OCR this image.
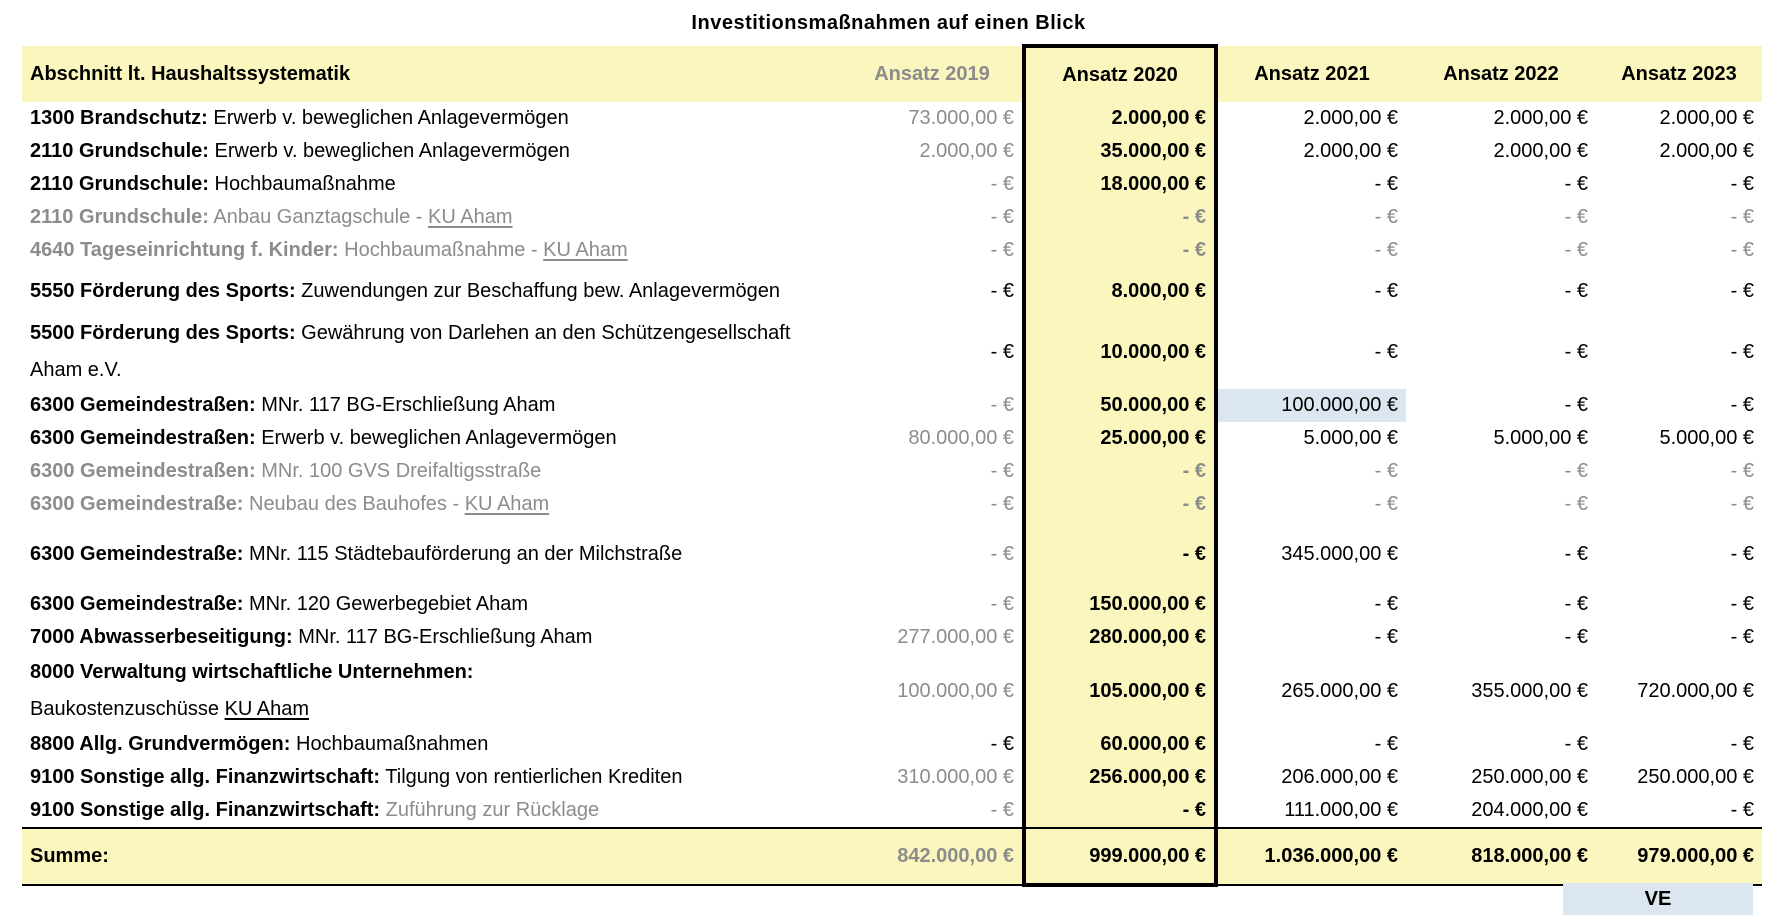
Investitionsmaßnahmen auf einen Blick
Abschnitt lt. Haushaltssystematik	Ansatz 2019	Ansatz 2020	Ansatz 2021	Ansatz 2022	Ansatz 2023
1300 Brandschutz: Erwerb v. beweglichen Anlagevermögen	73.000,00 €	2.000,00 €	2.000,00 €	2.000,00 €	2.000,00 €
2110 Grundschule: Erwerb v. beweglichen Anlagevermögen	2.000,00 €	35.000,00 €	2.000,00 €	2.000,00 €	2.000,00 €
2110 Grundschule: Hochbaumaßnahme	- €	18.000,00 €	- €	- €	- €
2110 Grundschule: Anbau Ganztagschule - KU Aham	- €	- €	- €	- €	- €
4640 Tageseinrichtung f. Kinder: Hochbaumaßnahme - KU Aham	- €	- €	- €	- €	- €
5550 Förderung des Sports: Zuwendungen zur Beschaffung bew. Anlagevermögen	- €	8.000,00 €	- €	- €	- €
5500 Förderung des Sports: Gewährung von Darlehen an den Schützengesellschaft Aham e.V.	- €	10.000,00 €	- €	- €	- €
6300 Gemeindestraßen: MNr. 117 BG-Erschließung Aham	- €	50.000,00 €	100.000,00 €	- €	- €
6300 Gemeindestraßen: Erwerb v. beweglichen Anlagevermögen	80.000,00 €	25.000,00 €	5.000,00 €	5.000,00 €	5.000,00 €
6300 Gemeindestraßen: MNr. 100 GVS Dreifaltigsstraße	- €	- €	- €	- €	- €
6300 Gemeindestraße: Neubau des Bauhofes - KU Aham	- €	- €	- €	- €	- €
6300 Gemeindestraße: MNr. 115 Städtebauförderung an der Milchstraße	- €	- €	345.000,00 €	- €	- €
6300 Gemeindestraße: MNr. 120 Gewerbegebiet Aham	- €	150.000,00 €	- €	- €	- €
7000 Abwasserbeseitigung: MNr. 117 BG-Erschließung Aham	277.000,00 €	280.000,00 €	- €	- €	- €
8000 Verwaltung wirtschaftliche Unternehmen:
Baukostenzuschüsse KU Aham	100.000,00 €	105.000,00 €	265.000,00 €	355.000,00 €	720.000,00 €
8800 Allg. Grundvermögen: Hochbaumaßnahmen	- €	60.000,00 €	- €	- €	- €
9100 Sonstige allg. Finanzwirtschaft: Tilgung von rentierlichen Krediten	310.000,00 €	256.000,00 €	206.000,00 €	250.000,00 €	250.000,00 €
9100 Sonstige allg. Finanzwirtschaft: Zuführung zur Rücklage	- €	- €	111.000,00 €	204.000,00 €	- €
Summe:	842.000,00 €	999.000,00 €	1.036.000,00 €	818.000,00 €	979.000,00 €
VE
